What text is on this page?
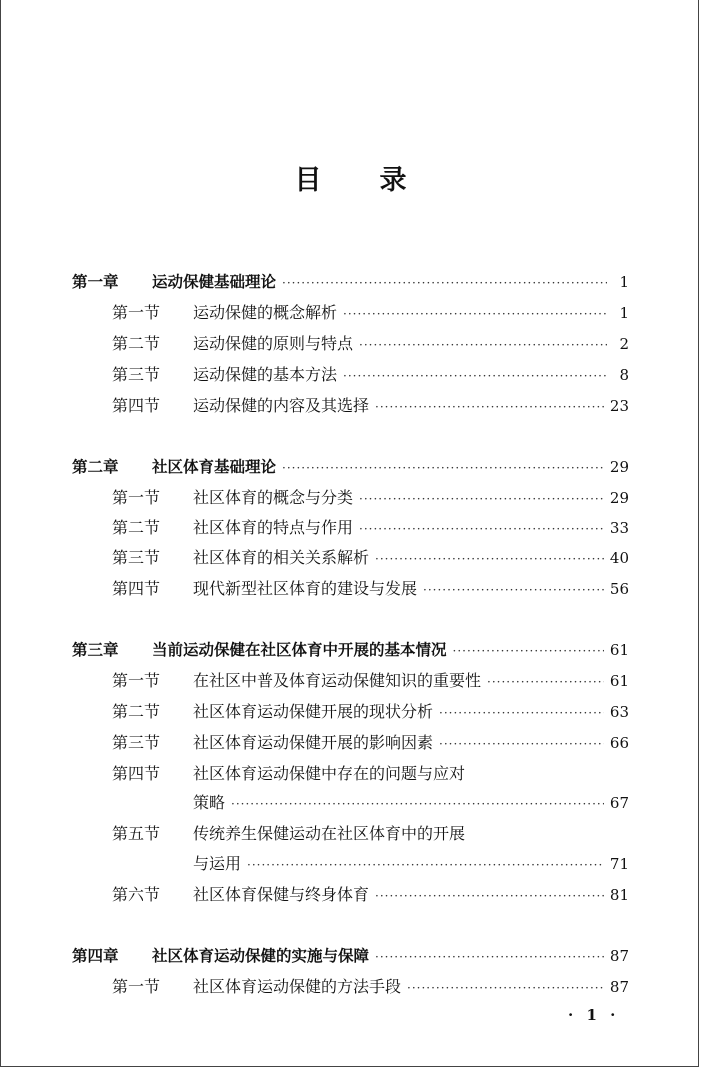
目录
第一章	运动保健基础理论 ·····	1
第一节	运动保健的概念解析 ·····	1
第二节	运动保健的原则与特点 ·····	2
第三节	运动保健的基本方法 ·····	8
第四节	运动保健的内容及其选择 ·····	23
第二章	社区体育基础理论 ·····	29
第一节	社区体育的概念与分类 ·····	29
第二节	社区体育的特点与作用 ·····	33
第三节	社区体育的相关关系解析 ·····	40
第四节	现代新型社区体育的建设与发展 ·····	56
第三章	当前运动保健在社区体育中开展的基本情况 ·····	61
第一节	在社区中普及体育运动保健知识的重要性 ·····	61
第二节	社区体育运动保健开展的现状分析 ·····	63
第三节	社区体育运动保健开展的影响因素 ·····	66
第四节	社区体育运动保健中存在的问题与应对
策略 ·····	67
第五节	传统养生保健运动在社区体育中的开展
与运用 ·····	71
第六节	社区体育保健与终身体育 ·····	81
第四章	社区体育运动保健的实施与保障 ·····	87
第一节	社区体育运动保健的方法手段 ·····	87
· 1 ·
